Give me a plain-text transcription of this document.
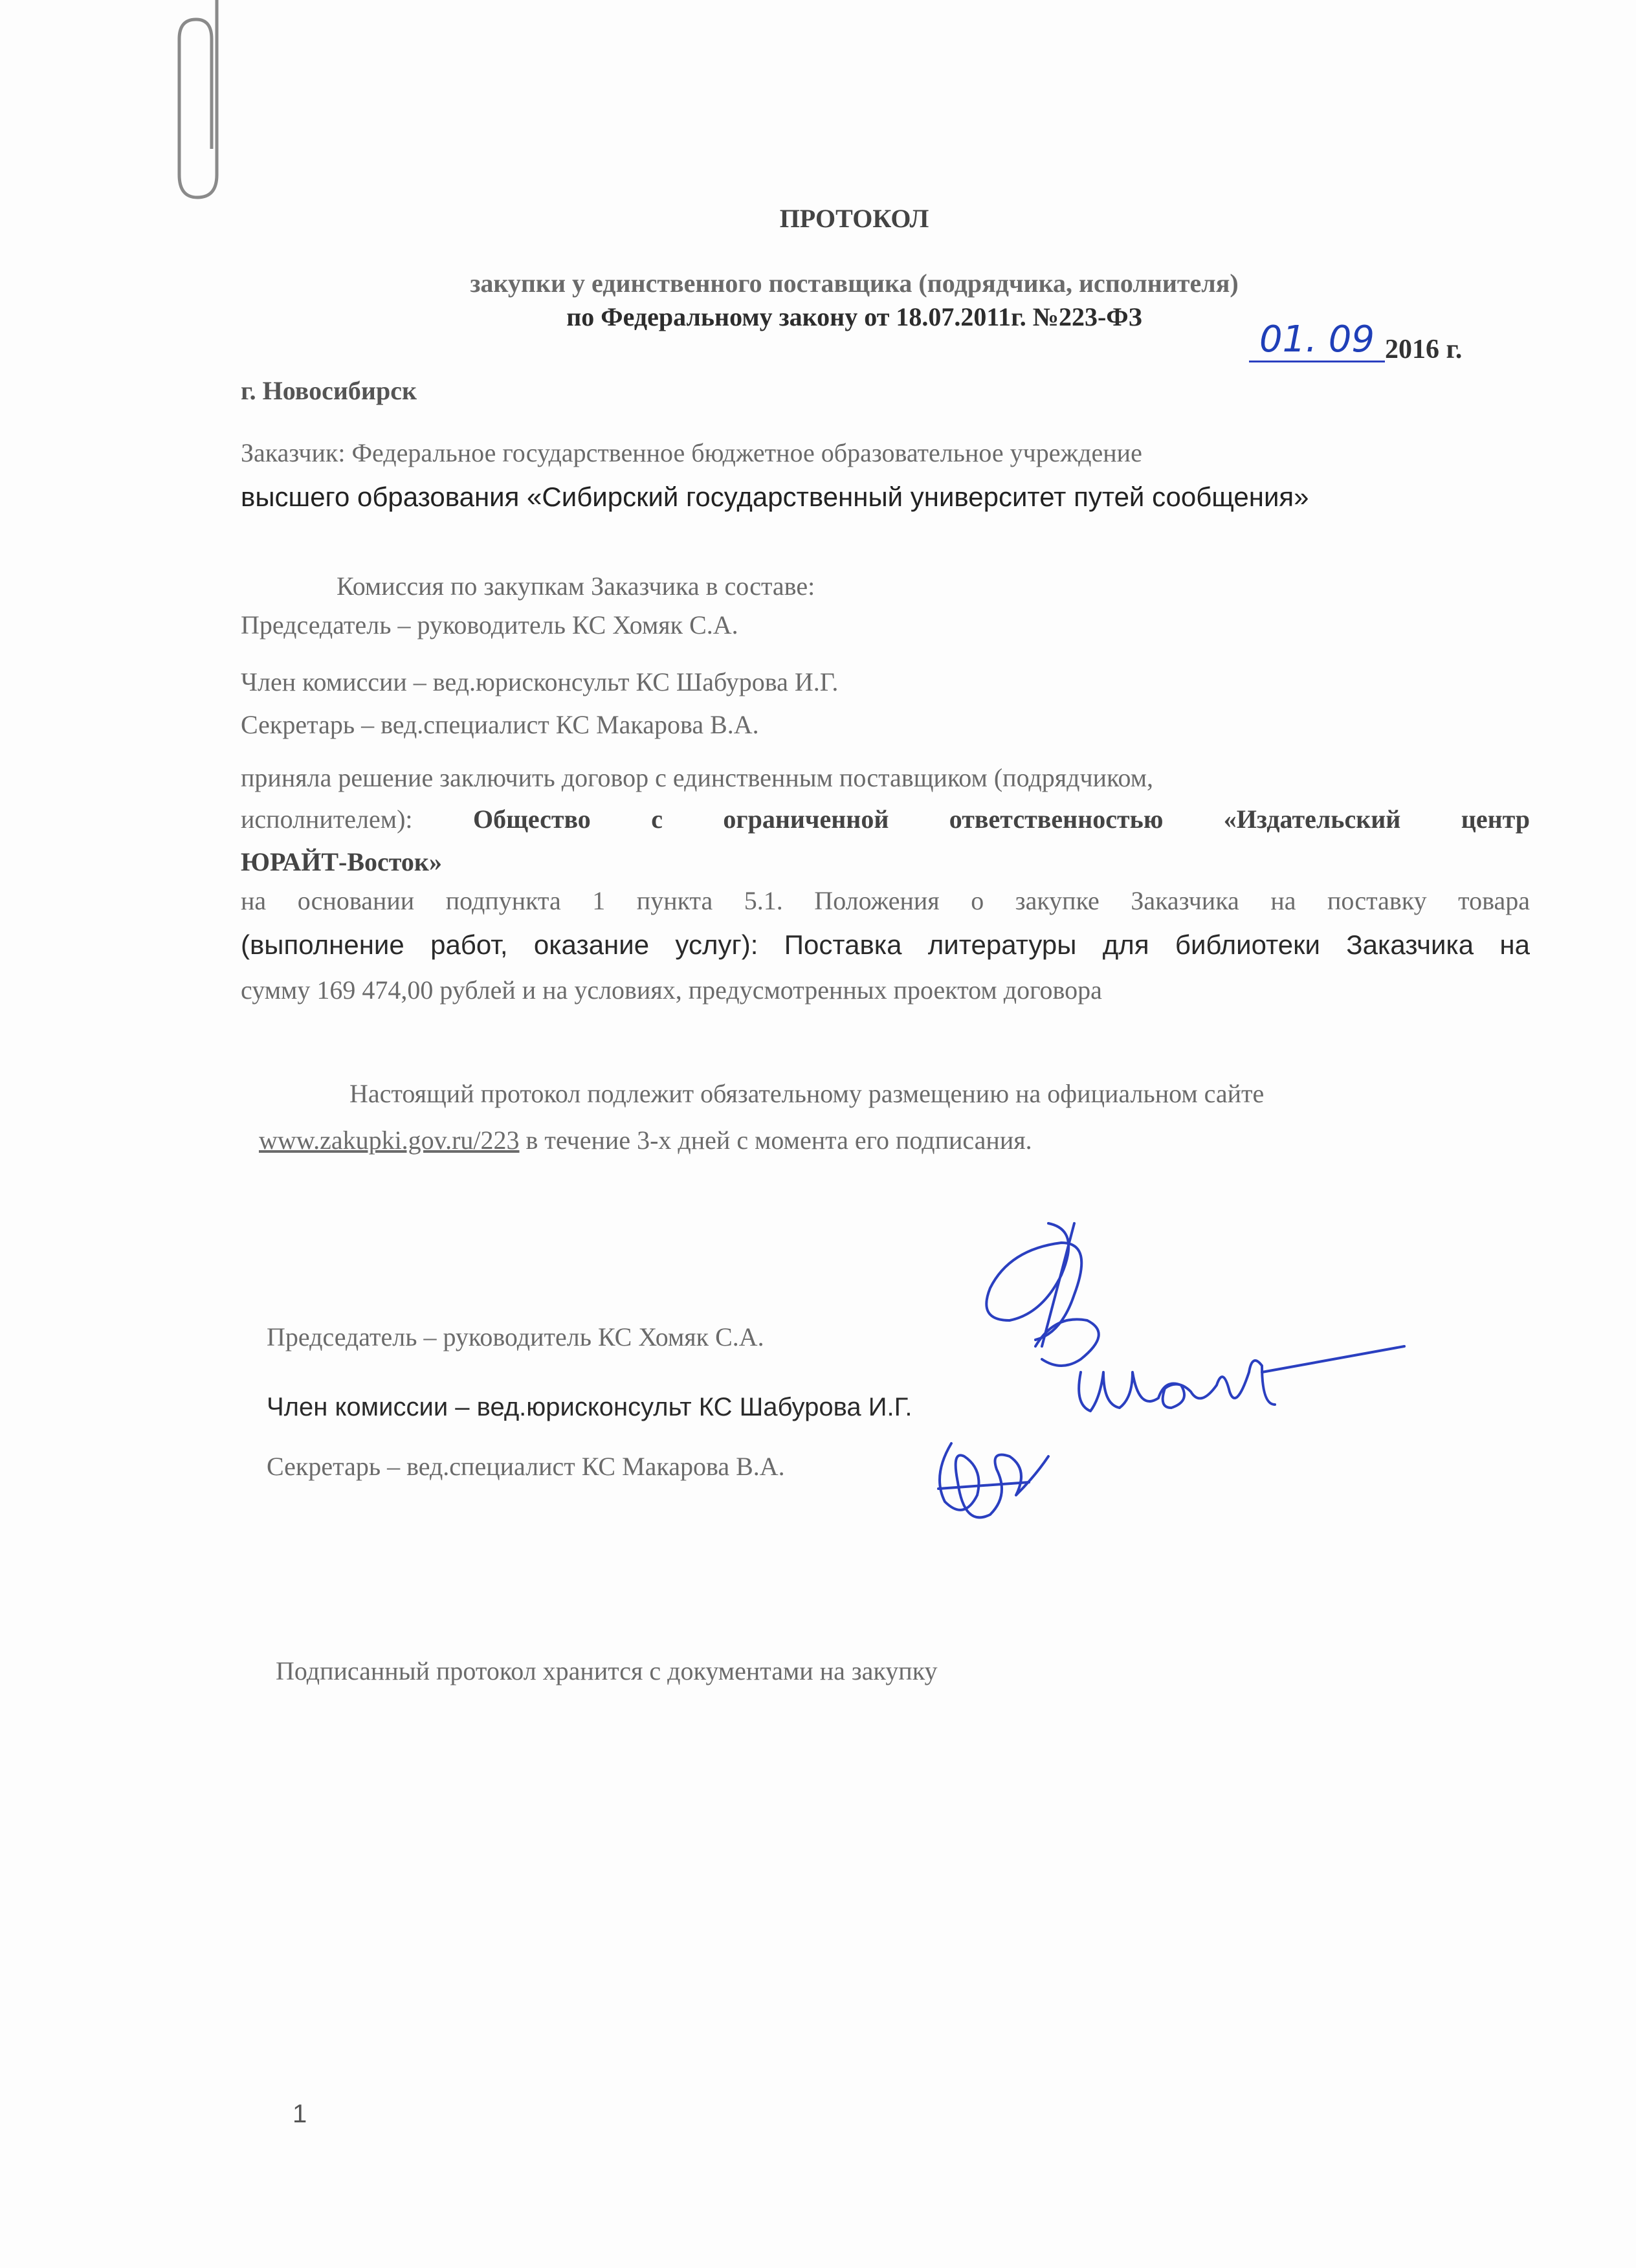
ПРОТОКОЛ
закупки у единственного поставщика (подрядчика, исполнителя)
по Федеральному закону от 18.07.2011г. №223-ФЗ
г. Новосибирск
01. 09 2016 г.
Заказчик: Федеральное государственное бюджетное образовательное учреждение
высшего образования «Сибирский государственный университет путей сообщения»
Комиссия по закупкам Заказчика в составе:
Председатель – руководитель КС Хомяк С.А.
Член комиссии – вед.юрисконсульт КС Шабурова И.Г.
Секретарь – вед.специалист КС Макарова В.А.
приняла решение заключить договор с единственным поставщиком (подрядчиком,
исполнителем): Общество с ограниченной ответственностью «Издательский центр
ЮРАЙТ-Восток»
на основании подпункта 1 пункта 5.1. Положения о закупке Заказчика на поставку товара
(выполнение работ, оказание услуг): Поставка литературы для библиотеки Заказчика на
сумму 169 474,00 рублей и на условиях, предусмотренных проектом договора
Настоящий протокол подлежит обязательному размещению на официальном сайте
www.zakupki.gov.ru/223 в течение 3-х дней с момента его подписания.
Председатель – руководитель КС Хомяк С.А.
Член комиссии – вед.юрисконсульт КС Шабурова И.Г.
Секретарь – вед.специалист КС Макарова В.А.
Подписанный протокол хранится с документами на закупку
1
